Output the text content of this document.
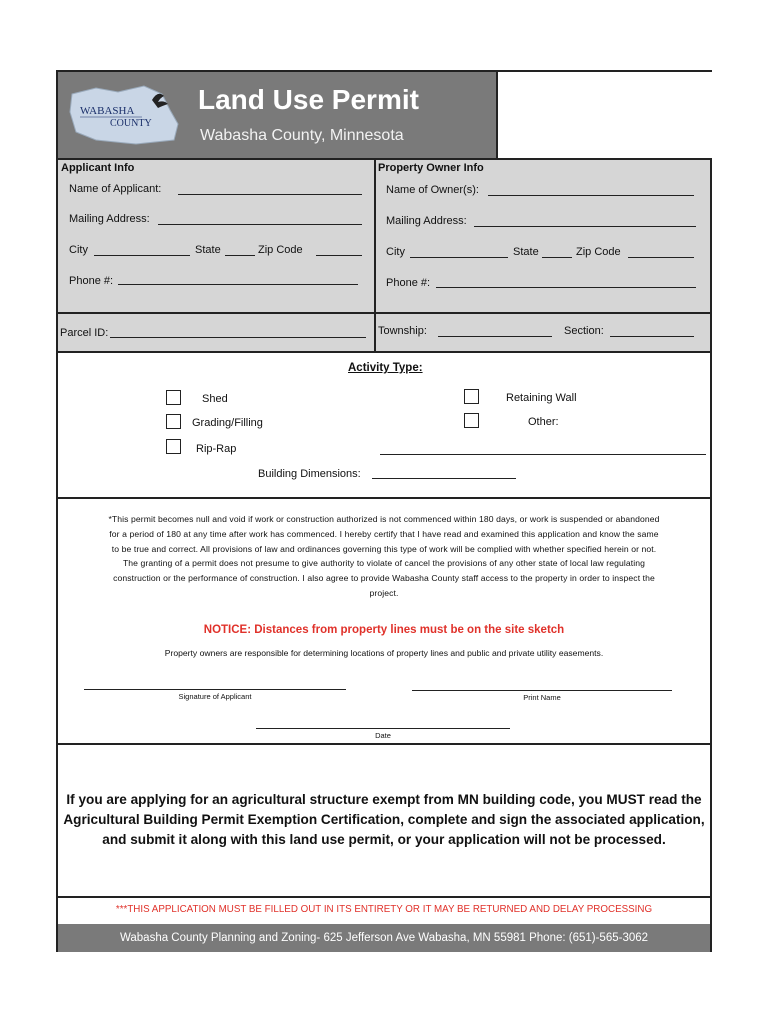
WABASHA
COUNTY
Land Use Permit
Wabasha County, Minnesota
Applicant Info
Name of Applicant:
Mailing Address:
City	State	Zip Code
Phone #:
Property Owner Info
Name of Owner(s):
Mailing Address:
City	State	Zip Code
Phone #:
Parcel ID:	Township:	Section:
Activity Type:
Shed
Grading/Filling
Rip-Rap
Retaining Wall
Other:
Building Dimensions:
*This permit becomes null and void if work or construction authorized is not commenced within 180 days, or work is suspended or abandoned
for a period of 180 at any time after work has commenced. I hereby certify that I have read and examined this application and know the same
to be true and correct. All provisions of law and ordinances governing this type of work will be complied with whether specified herein or not.
The granting of a permit does not presume to give authority to violate of cancel the provisions of any other state of local law regulating
construction or the performance of construction. I also agree to provide Wabasha County staff access to the property in order to inspect the
project.
NOTICE: Distances from property lines must be on the site sketch
Property owners are responsible for determining locations of property lines and public and private utility easements.
Signature of Applicant	Print Name
Date
If you are applying for an agricultural structure exempt from MN building code, you MUST read the
Agricultural Building Permit Exemption Certification, complete and sign the associated application,
and submit it along with this land use permit, or your application will not be processed.
***THIS APPLICATION MUST BE FILLED OUT IN ITS ENTIRETY OR IT MAY BE RETURNED AND DELAY PROCESSING
Wabasha County Planning and Zoning- 625 Jefferson Ave Wabasha, MN 55981 Phone: (651)-565-3062
